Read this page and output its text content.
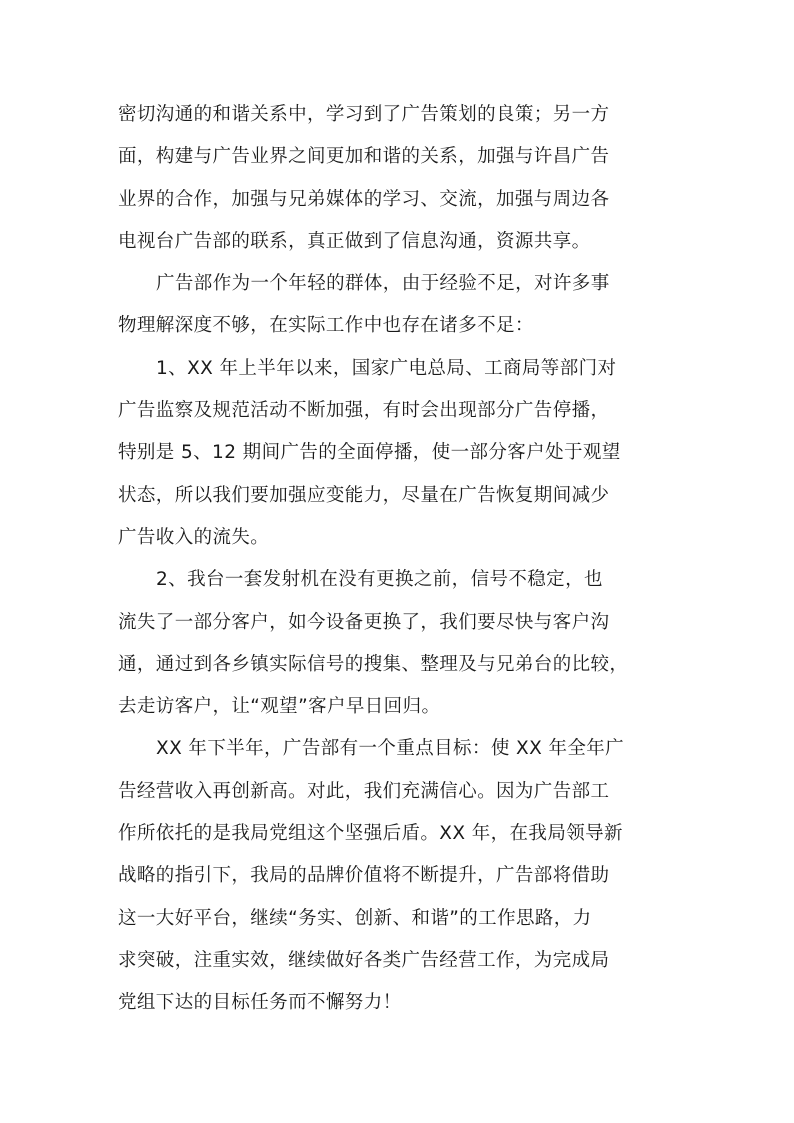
密切沟通的和谐关系中，学习到了广告策划的良策；另一方
面，构建与广告业界之间更加和谐的关系，加强与许昌广告
业界的合作，加强与兄弟媒体的学习、交流，加强与周边各
电视台广告部的联系，真正做到了信息沟通，资源共享。
广告部作为一个年轻的群体，由于经验不足，对许多事
物理解深度不够，在实际工作中也存在诸多不足：
1、XX 年上半年以来，国家广电总局、工商局等部门对
广告监察及规范活动不断加强，有时会出现部分广告停播，
特别是 5、12 期间广告的全面停播，使一部分客户处于观望
状态，所以我们要加强应变能力，尽量在广告恢复期间减少
广告收入的流失。
2、我台一套发射机在没有更换之前，信号不稳定，也
流失了一部分客户，如今设备更换了，我们要尽快与客户沟
通，通过到各乡镇实际信号的搜集、整理及与兄弟台的比较，
去走访客户，让“观望”客户早日回归。
XX 年下半年，广告部有一个重点目标：使 XX 年全年广
告经营收入再创新高。对此，我们充满信心。因为广告部工
作所依托的是我局党组这个坚强后盾。XX 年，在我局领导新
战略的指引下，我局的品牌价值将不断提升，广告部将借助
这一大好平台，继续“务实、创新、和谐”的工作思路，力
求突破，注重实效，继续做好各类广告经营工作，为完成局
党组下达的目标任务而不懈努力！
